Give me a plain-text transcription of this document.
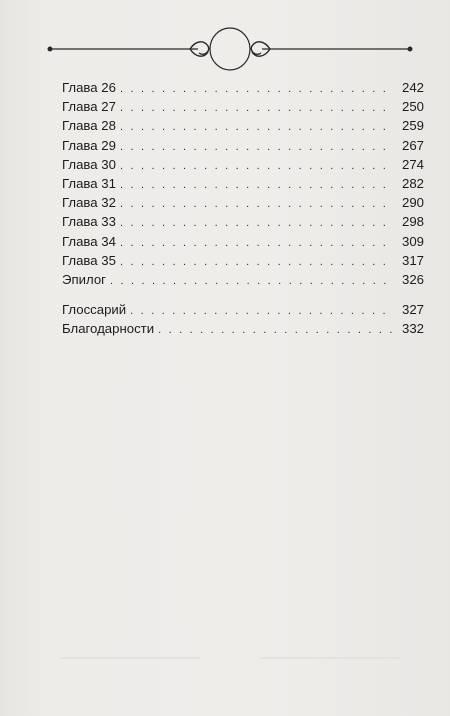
Глава 26 . . .	242
Глава 27 . . .	250
Глава 28 . . .	259
Глава 29 . . .	267
Глава 30 . . .	274
Глава 31 . . .	282
Глава 32 . . .	290
Глава 33 . . .	298
Глава 34 . . .	309
Глава 35 . . .	317
Эпилог . . .	326
Глоссарий . . .	327
Благодарности . . .	332
